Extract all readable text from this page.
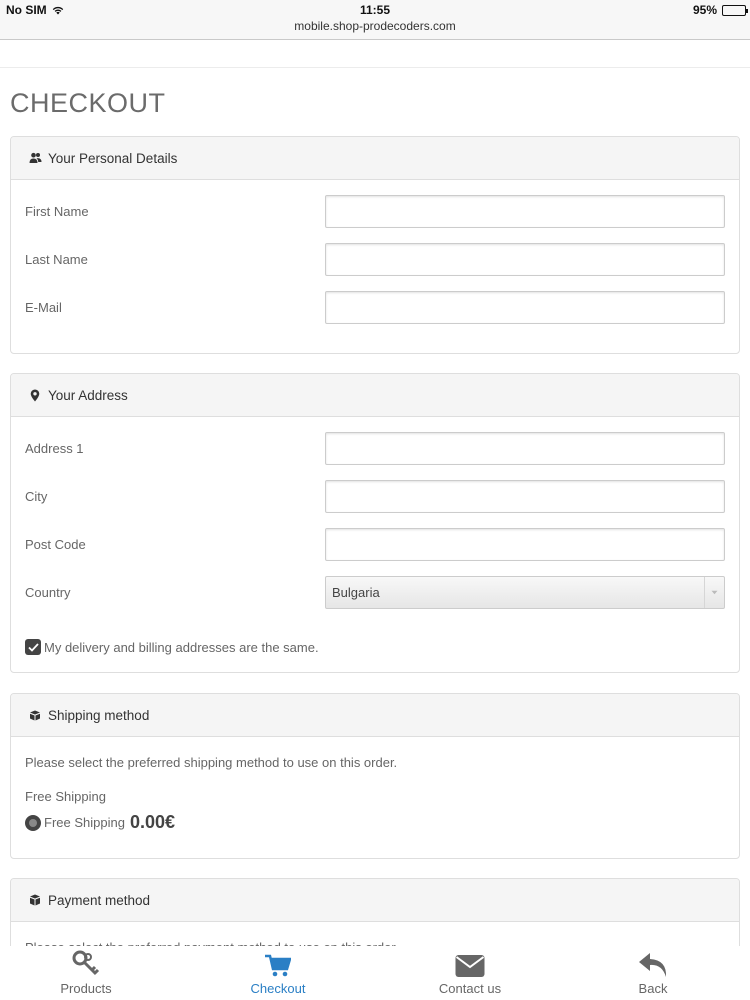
No SIM	11:55
mobile.shop-prodecoders.com
95%
CHECKOUT
Your Personal Details
First Name
Last Name
E-Mail
Your Address
Address 1
City
Post Code
Country	Bulgaria
My delivery and billing addresses are the same.
Shipping method
Please select the preferred shipping method to use on this order.
Free Shipping
Free Shipping 0.00€
Payment method
Products	Checkout	Contact us	Back
